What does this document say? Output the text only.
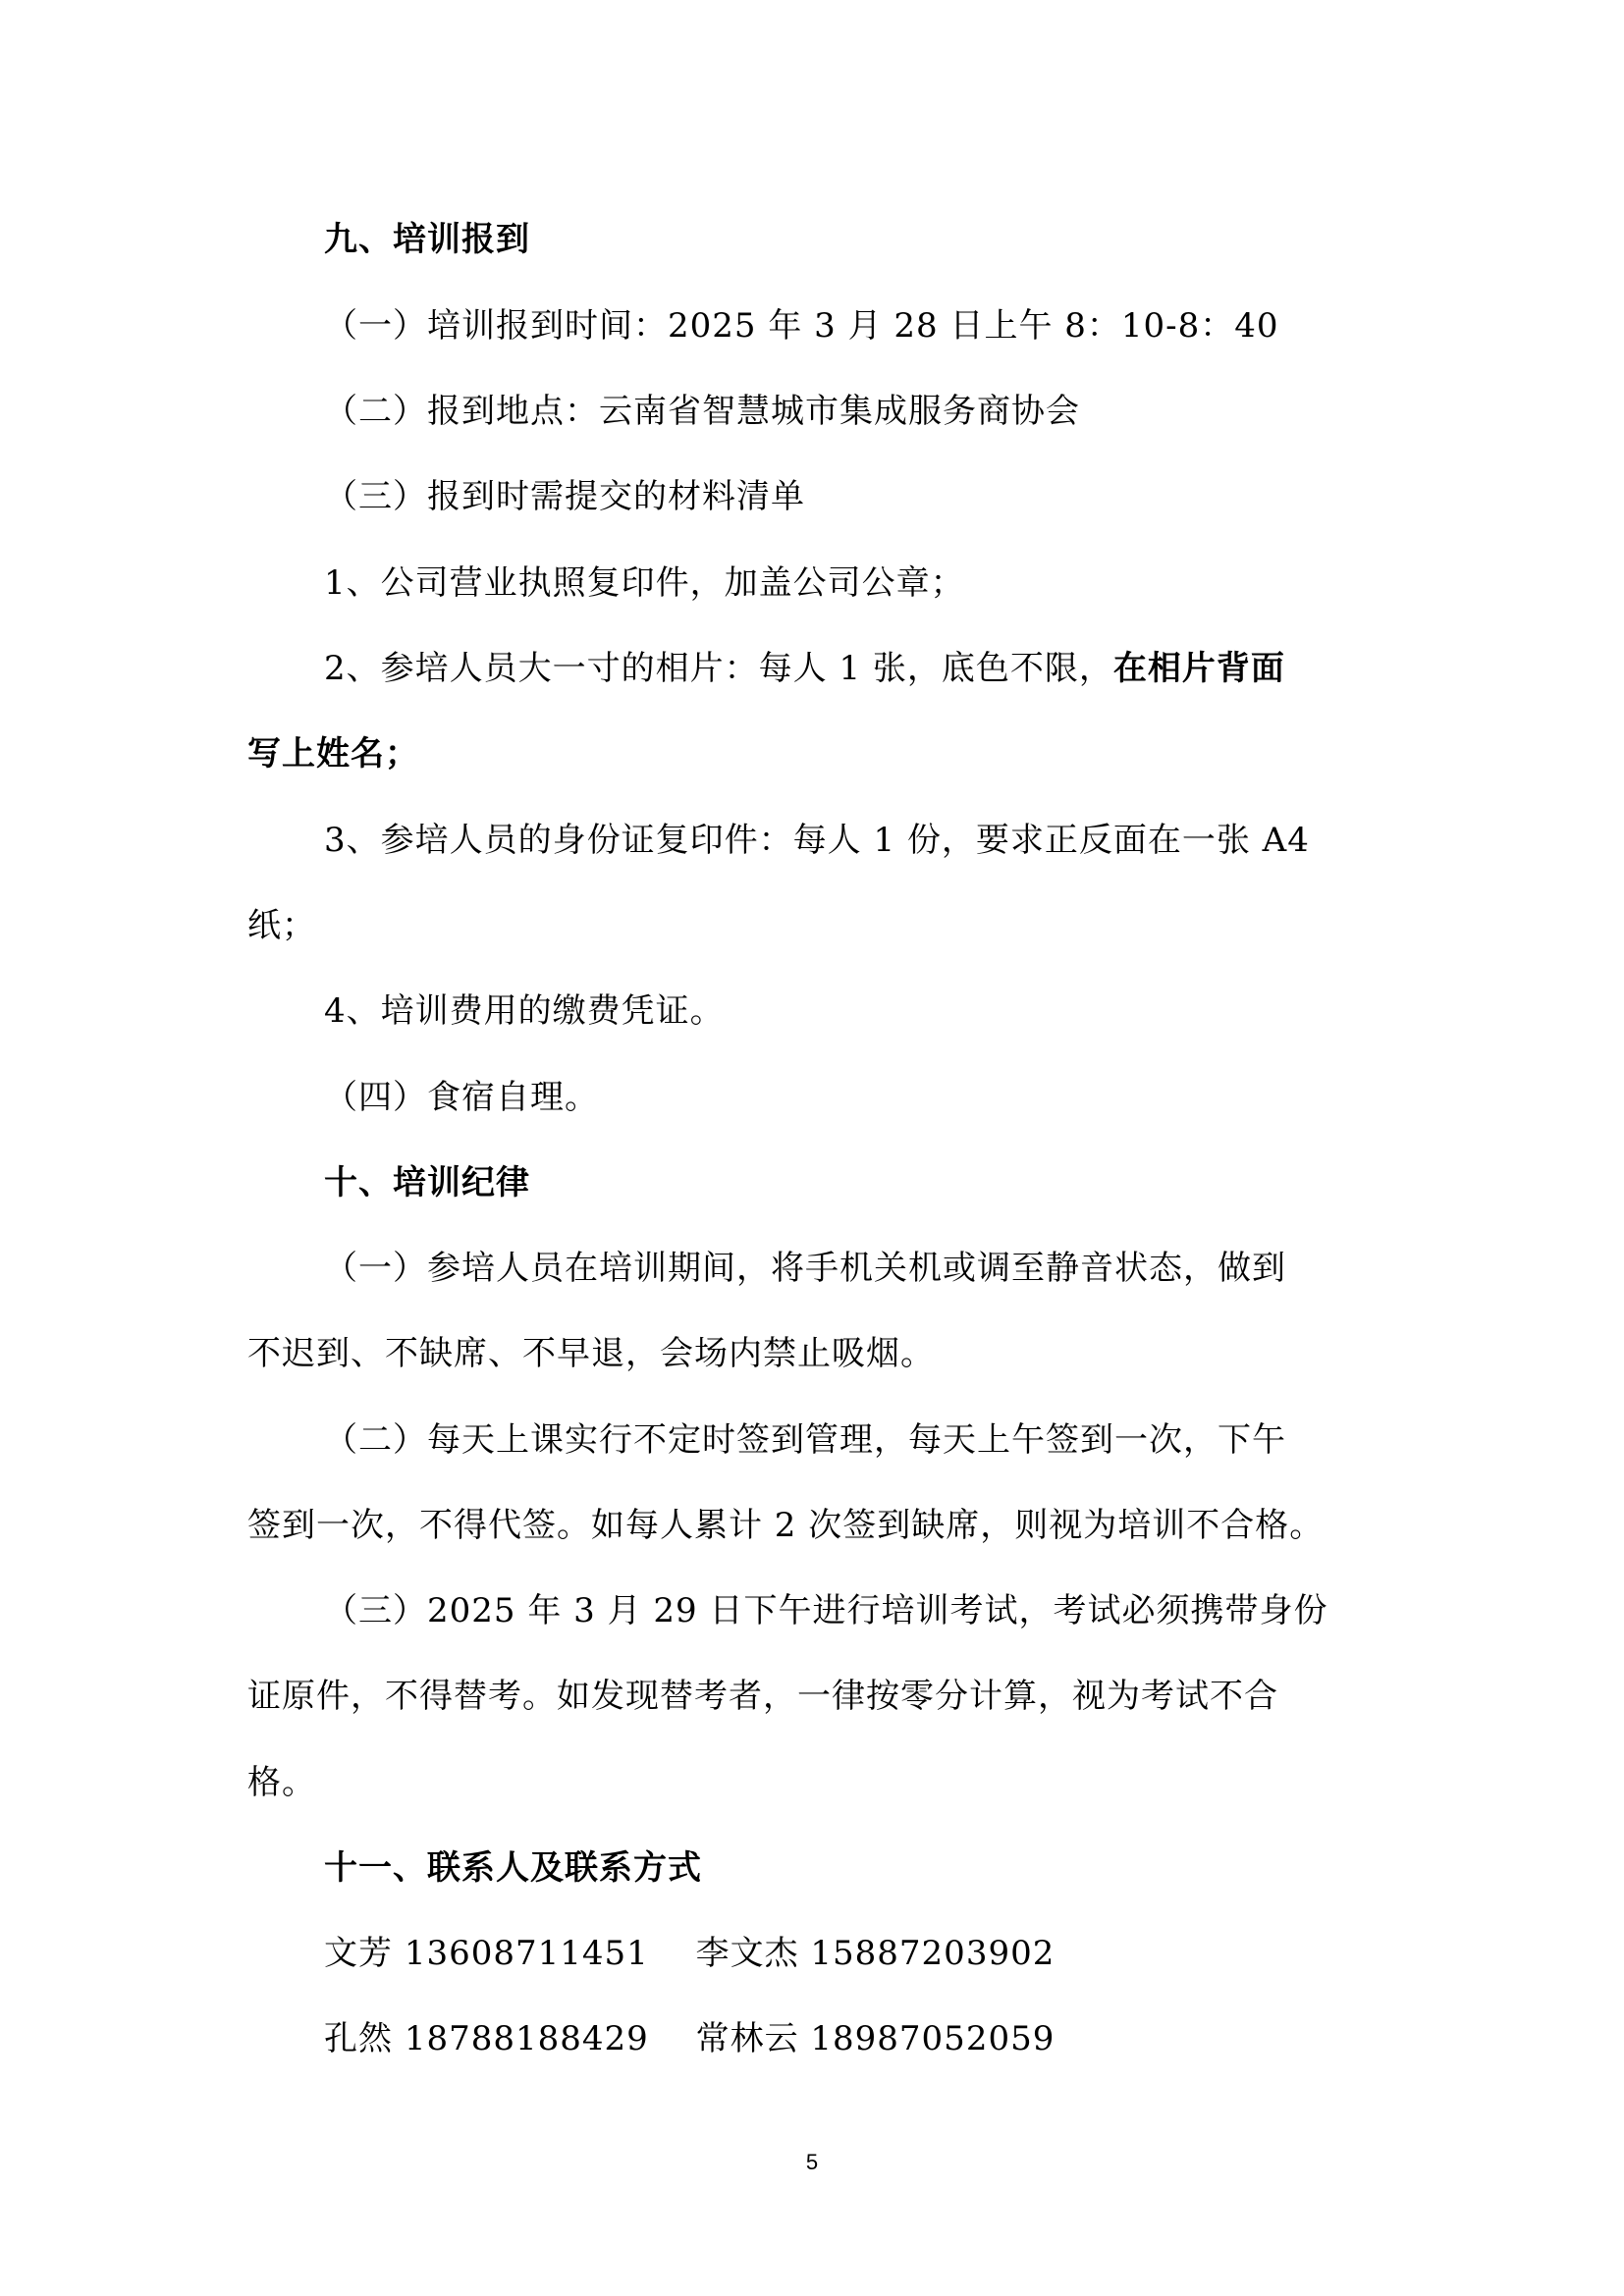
九、培训报到
（一）培训报到时间：2025 年 3 月 28 日上午 8：10-8：40
（二）报到地点：云南省智慧城市集成服务商协会
（三）报到时需提交的材料清单
1、公司营业执照复印件，加盖公司公章；
2、参培人员大一寸的相片：每人 1 张，底色不限，在相片背面
写上姓名；
3、参培人员的身份证复印件：每人 1 份，要求正反面在一张 A4
纸；
4、培训费用的缴费凭证。
（四）食宿自理。
十、培训纪律
（一）参培人员在培训期间，将手机关机或调至静音状态，做到
不迟到、不缺席、不早退，会场内禁止吸烟。
（二）每天上课实行不定时签到管理，每天上午签到一次，下午
签到一次，不得代签。如每人累计 2 次签到缺席，则视为培训不合格。
（三）2025 年 3 月 29 日下午进行培训考试，考试必须携带身份
证原件，不得替考。如发现替考者，一律按零分计算，视为考试不合
格。
十一、联系人及联系方式
文芳 13608711451 李文杰 15887203902
孔然 18788188429 常林云 18987052059
5
